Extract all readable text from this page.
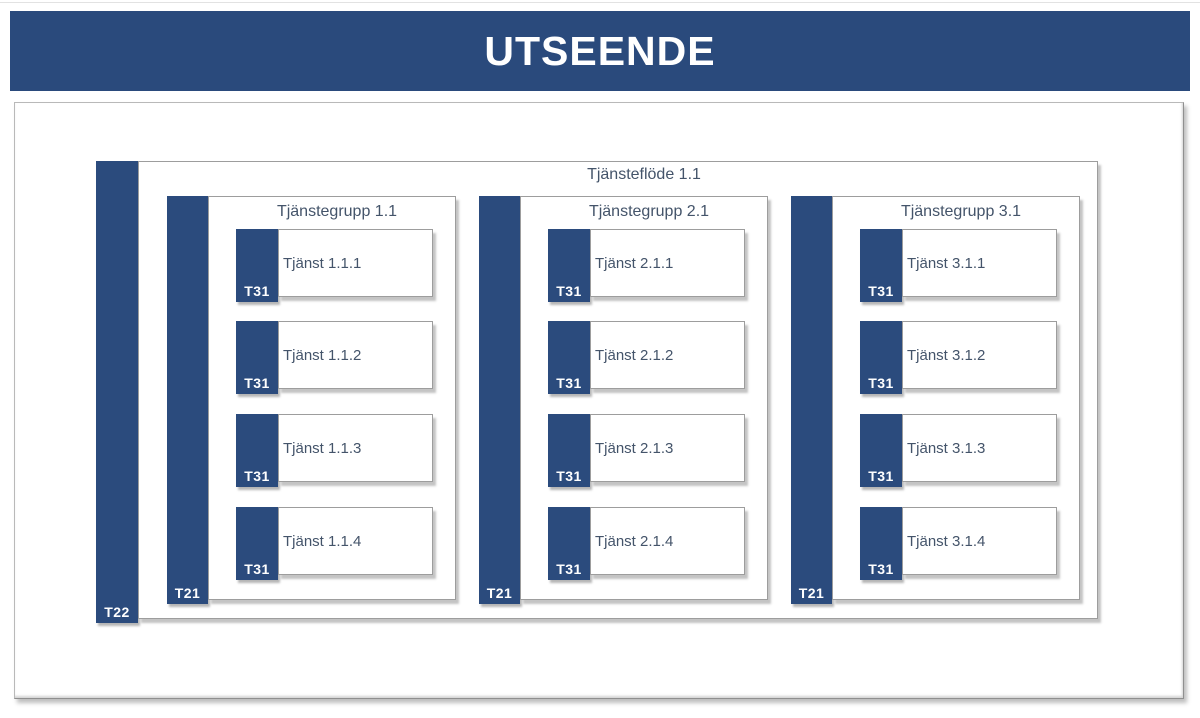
UTSEENDE
T22
Tjänsteflöde 1.1
T21
Tjänstegrupp 1.1
T31
Tjänst 1.1.1
T31
Tjänst 1.1.2
T31
Tjänst 1.1.3
T31
Tjänst 1.1.4
T21
Tjänstegrupp 2.1
T31
Tjänst 2.1.1
T31
Tjänst 2.1.2
T31
Tjänst 2.1.3
T31
Tjänst 2.1.4
T21
Tjänstegrupp 3.1
T31
Tjänst 3.1.1
T31
Tjänst 3.1.2
T31
Tjänst 3.1.3
T31
Tjänst 3.1.4
